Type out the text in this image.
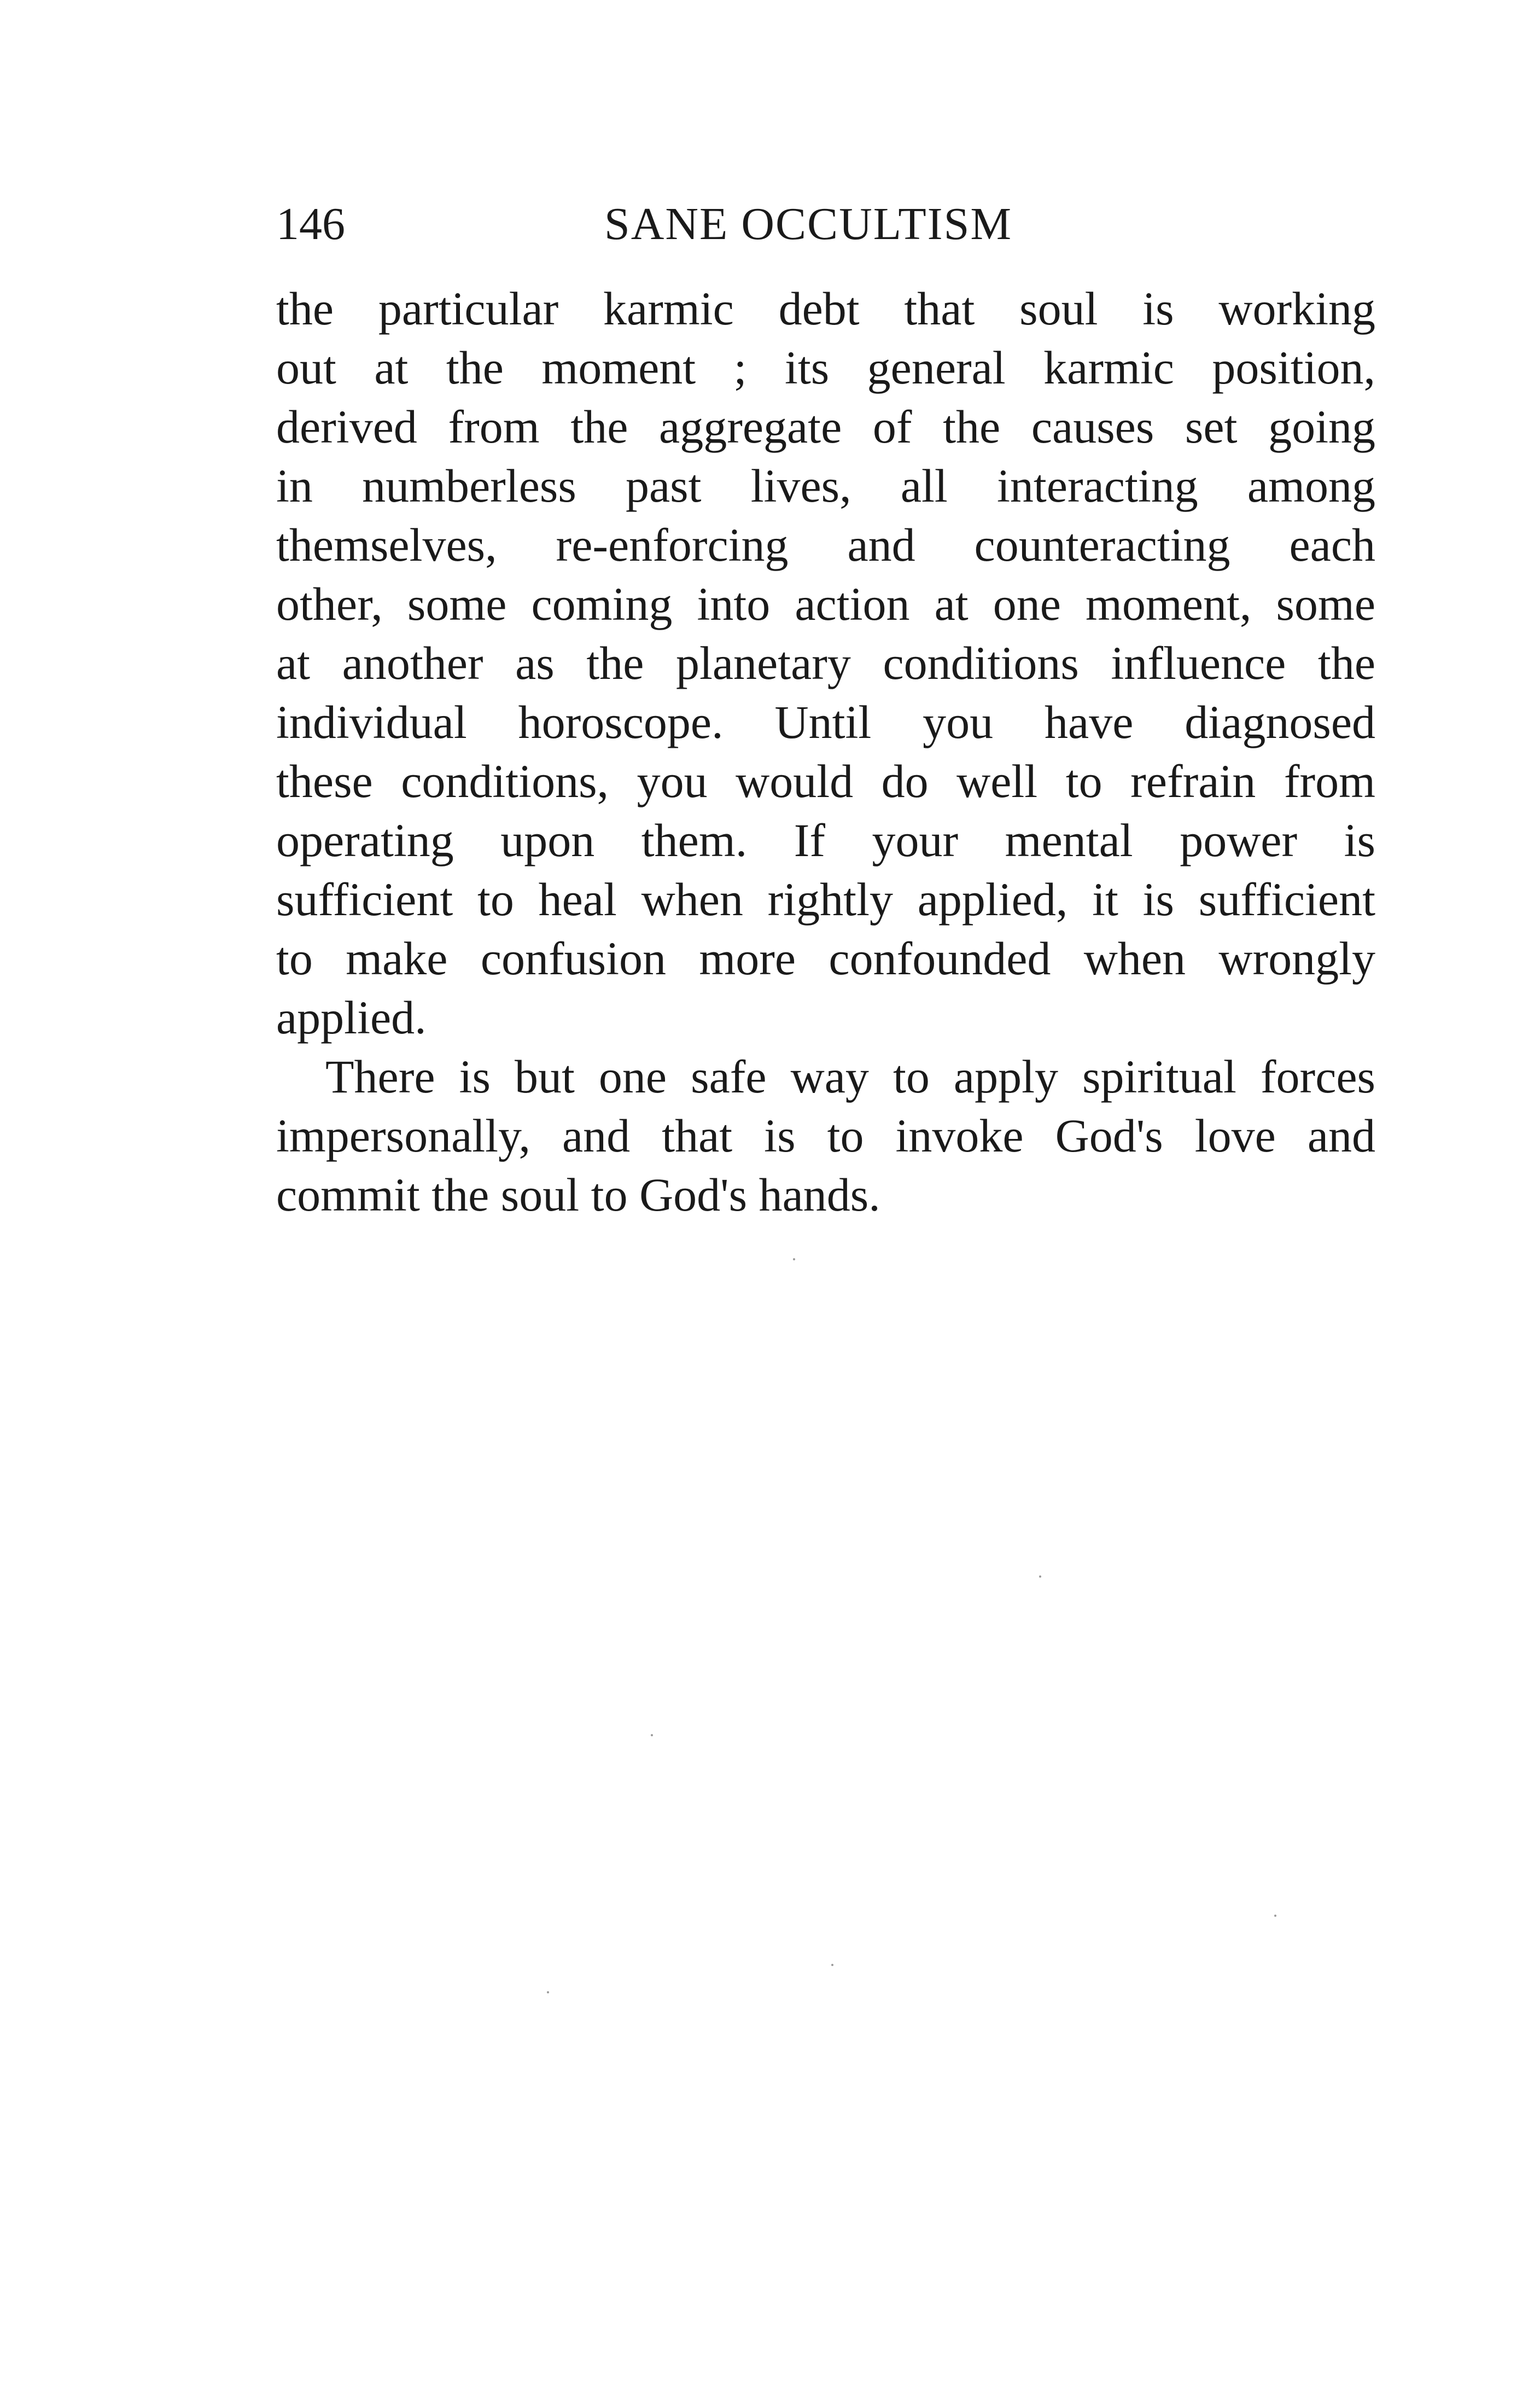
146	SANE OCCULTISM
the particular karmic debt that soul is working
out at the moment ; its general karmic position,
derived from the aggregate of the causes set going
in numberless past lives, all interacting among
themselves, re-enforcing and counteracting each
other, some coming into action at one moment, some
at another as the planetary conditions influence the
individual horoscope. Until you have diagnosed
these conditions, you would do well to refrain from
operating upon them. If your mental power is
sufficient to heal when rightly applied, it is sufficient
to make confusion more confounded when wrongly
applied.
There is but one safe way to apply spiritual forces
impersonally, and that is to invoke God's love and
commit the soul to God's hands.
